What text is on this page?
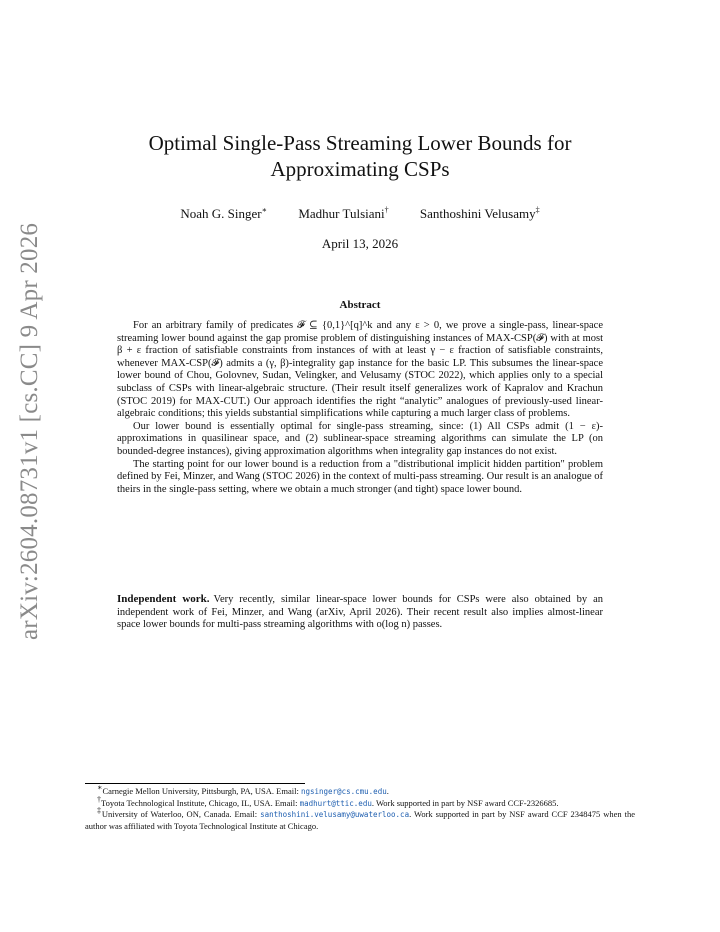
arXiv:2604.08731v1 [cs.CC] 9 Apr 2026
Optimal Single-Pass Streaming Lower Bounds for Approximating CSPs
Noah G. Singer∗ Madhur Tulsiani† Santhoshini Velusamy‡
April 13, 2026
Abstract

For an arbitrary family of predicates 𝓕 ⊆ {0,1}^[q]^k and any ε > 0, we prove a single-pass, linear-space streaming lower bound against the gap promise problem of distinguishing instances of MAX-CSP(𝓕) with at most β + ε fraction of satisfiable constraints from instances of with at least γ − ε fraction of satisfiable constraints, whenever MAX-CSP(𝓕) admits a (γ, β)-integrality gap instance for the basic LP. This subsumes the linear-space lower bound of Chou, Golovnev, Sudan, Velingker, and Velusamy (STOC 2022), which applies only to a special subclass of CSPs with linear-algebraic structure. (Their result itself generalizes work of Kapralov and Krachun (STOC 2019) for MAX-CUT.) Our approach identifies the right “analytic” analogues of previously-used linear-algebraic conditions; this yields substantial simplifications while capturing a much larger class of problems.

Our lower bound is essentially optimal for single-pass streaming, since: (1) All CSPs admit (1 − ε)-approximations in quasilinear space, and (2) sublinear-space streaming algorithms can simulate the LP (on bounded-degree instances), giving approximation algorithms when integrality gap instances do not exist.

The starting point for our lower bound is a reduction from a "distributional implicit hidden partition" problem defined by Fei, Minzer, and Wang (STOC 2026) in the context of multi-pass streaming. Our result is an analogue of theirs in the single-pass setting, where we obtain a much stronger (and tight) space lower bound.

Independent work. Very recently, similar linear-space lower bounds for CSPs were also obtained by an independent work of Fei, Minzer, and Wang (arXiv, April 2026). Their recent result also implies almost-linear space lower bounds for multi-pass streaming algorithms with o(log n) passes.

∗Carnegie Mellon University, Pittsburgh, PA, USA. Email: ngsinger@cs.cmu.edu.

†Toyota Technological Institute, Chicago, IL, USA. Email: madhurt@ttic.edu. Work supported in part by NSF award CCF-2326685.

‡University of Waterloo, ON, Canada. Email: santhoshini.velusamy@uwaterloo.ca. Work supported in part by NSF award CCF 2348475 when the author was affiliated with Toyota Technological Institute at Chicago.
